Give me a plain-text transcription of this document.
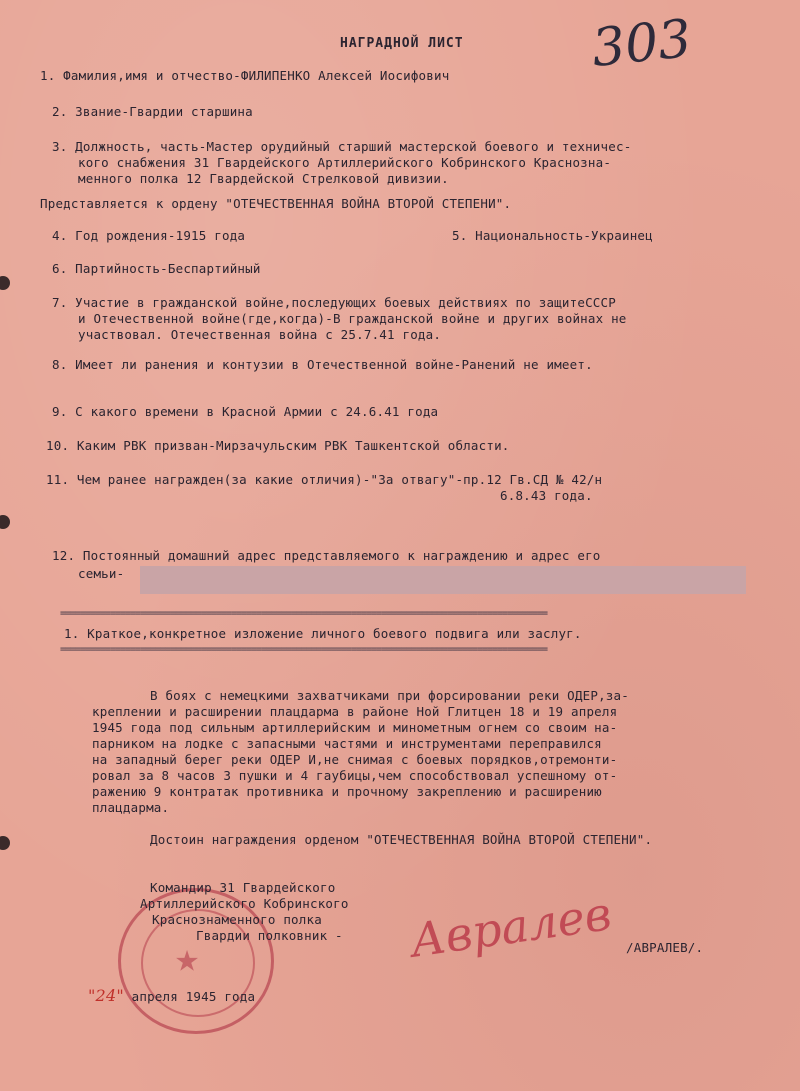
303
НАГРАДНОЙ ЛИСТ
1. Фамилия,имя и отчество-ФИЛИПЕНКО Алексей Иосифович
2. Звание-Гвардии старшина
3. Должность, часть-Мастер орудийный старший мастерской боевого и техничес-
кого снабжения 31 Гвардейского Артиллерийского Кобринского Краснозна-
менного полка 12 Гвардейской Стрелковой дивизии.
Представляется к ордену "ОТЕЧЕСТВЕННАЯ ВОЙНА ВТОРОЙ СТЕПЕНИ".
4. Год рождения-1915 года	5. Национальность-Украинец
6. Партийность-Беспартийный
7. Участие в гражданской войне,последующих боевых действиях по защитеСССР
и Отечественной войне(где,когда)-В гражданской войне и других войнах не
участвовал. Отечественная война с 25.7.41 года.
8. Имеет ли ранения и контузии в Отечественной войне-Ранений не имеет.
9. С какого времени в Красной Армии с 24.6.41 года
10. Каким РВК призван-Мирзачульским РВК Ташкентской области.
11. Чем ранее награжден(за какие отличия)-"За отвагу"-пр.12 Гв.СД № 42/н
6.8.43 года.
12. Постоянный домашний адрес представляемого к награждению и адрес его
семьи-
=================================================================================================
1. Краткое,конкретное изложение личного боевого подвига или заслуг.
=================================================================================================
В боях с немецкими захватчиками при форсировании реки ОДЕР,за-
креплении и расширении плацдарма в районе Ной Глитцен 18 и 19 апреля
1945 года под сильным артиллерийским и минометным огнем со своим на-
парником на лодке с запасными частями и инструментами переправился
на западный берег реки ОДЕР И,не снимая с боевых порядков,отремонти-
ровал за 8 часов 3 пушки и 4 гаубицы,чем способствовал успешному от-
ражению 9 контратак противника и прочному закреплению и расширению
плацдарма.
Достоин награждения орденом "ОТЕЧЕСТВЕННАЯ ВОЙНА ВТОРОЙ СТЕПЕНИ".
★
Командир 31 Гвардейского
Артиллерийского Кобринского
Краснознаменного полка
Гвардии полковник - Авралев /АВРАЛЕВ/.
"24" апреля 1945 года
